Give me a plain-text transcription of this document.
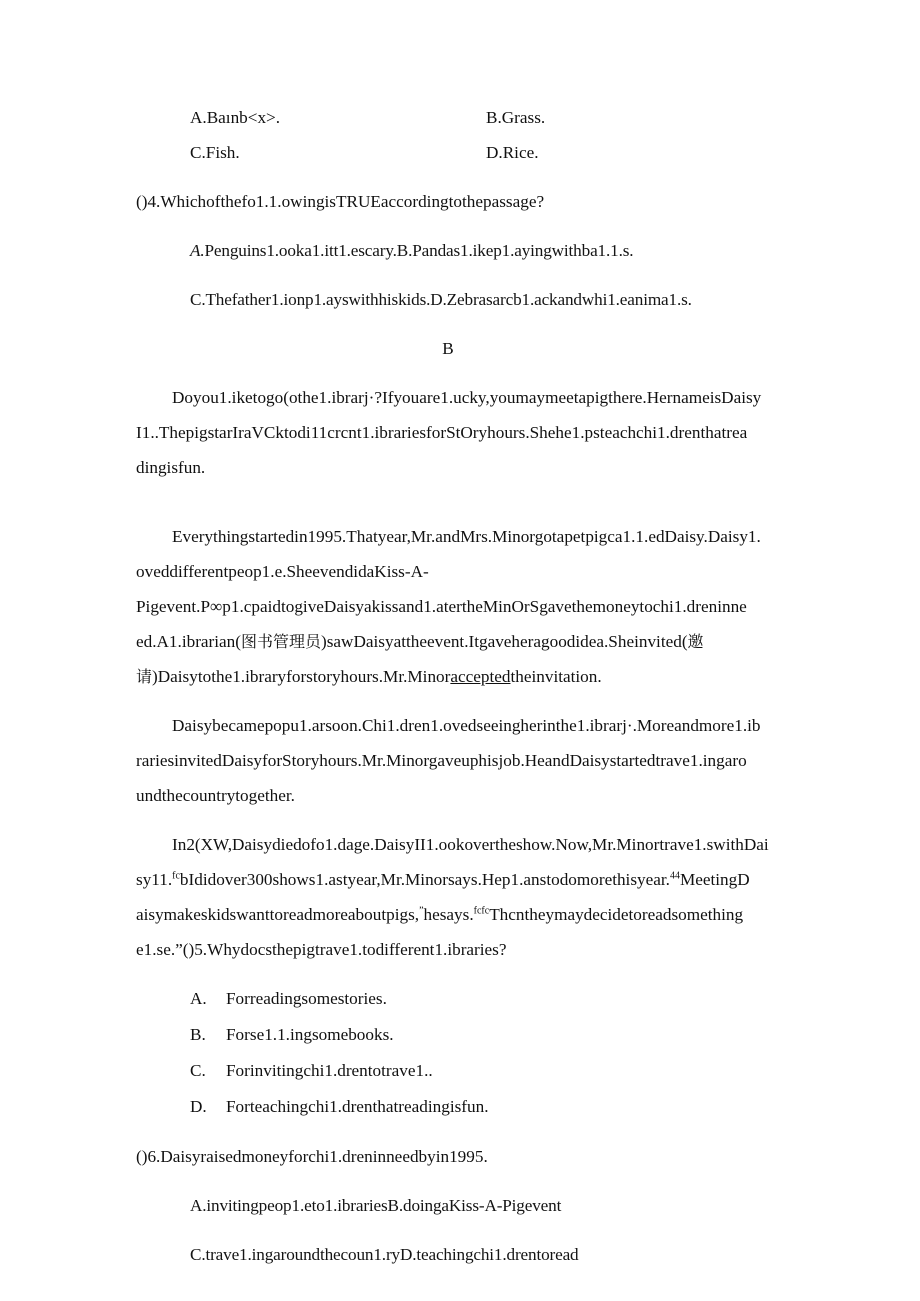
A.Baınb<x>.	B.Grass.
C.Fish.	D.Rice.
()4.Whichofthefo1.1.owingisTRUEaccordingtothepassage?
A.Penguins1.ooka1.itt1.escary.B.Pandas1.ikep1.ayingwithba1.1.s.
C.Thefather1.ionp1.ayswithhiskids.D.Zebrasarcb1.ackandwhi1.eanima1.s.
B
Doyou1.iketogo(othe1.ibrarj·?Ifyouare1.ucky,youmaymeetapigthere.HernameisDaisy
I1..ThepigstarIraVCktodi11crcnt1.ibrariesforStOryhours.Shehe1.psteachchi1.drenthatrea
dingisfun.
Everythingstartedin1995.Thatyear,Mr.andMrs.Minorgotapetpigca1.1.edDaisy.Daisy1.
oveddifferentpeop1.e.SheevendidaKiss-A-
Pigevent.P∞p1.cpaidtogiveDaisyakissand1.atertheMinOrSgavethemoneytochi1.dreninne
ed.A1.ibrarian(图书管理员)sawDaisyattheevent.Itgaveheragoodidea.Sheinvited(邀
请)Daisytothe1.ibraryforstoryhours.Mr.Minoracceptedtheinvitation.
Daisybecamepopu1.arsoon.Chi1.dren1.ovedseeingherinthe1.ibrarj·.Moreandmore1.ib
rariesinvitedDaisyforStoryhours.Mr.Minorgaveuphisjob.HeandDaisystartedtrave1.ingaro
undthecountrytogether.
In2(XW,Daisydiedofo1.dage.DaisyII1.ookovertheshow.Now,Mr.Minortrave1.swithDai
sy11.$^{fc}$bIdidover300shows1.astyear,Mr.Minorsays.Hep1.anstodomorethisyear.$^{44}$MeetingD
aisymakeskidswanttoreadmoreaboutpigs,$^ˮ$hesays.$^{fcfc}$Thcntheymaydecidetoreadsomething
e1.se.”()5.Whydocsthepigtrave1.todifferent1.ibraries?
A. Forreadingsomestories.
B. Forse1.1.ingsomebooks.
C. Forinvitingchi1.drentotrave1..
D. Forteachingchi1.drenthatreadingisfun.
()6.Daisyraisedmoneyforchi1.dreninneedbyin1995.
A.invitingpeop1.eto1.ibrariesB.doingaKiss-A-Pigevent
C.trave1.ingaroundthecoun1.ryD.teachingchi1.drentoread
